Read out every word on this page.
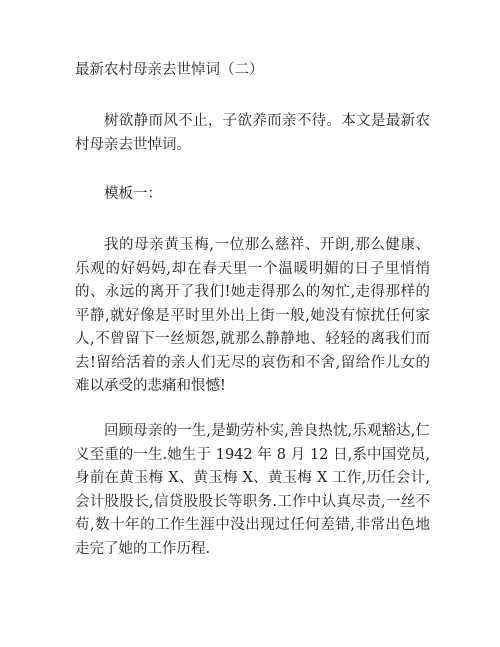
最新农村母亲去世悼词（二）

树欲静而风不止，子欲养而亲不待。本文是最新农村母亲去世悼词。

模板一：

我的母亲黄玉梅,一位那么慈祥、开朗,那么健康、乐观的好妈妈,却在春天里一个温暖明媚的日子里悄悄的、永远的离开了我们!她走得那么的匆忙,走得那样的平静,就好像是平时里外出上街一般,她没有惊扰任何家人,不曾留下一丝烦怨,就那么静静地、轻轻的离我们而去!留给活着的亲人们无尽的哀伤和不舍,留给作儿女的难以承受的悲痛和恨憾!

回顾母亲的一生,是勤劳朴实,善良热忱,乐观豁达,仁义至重的一生.她生于 1942 年 8 月 12 日,系中国党员,身前在黄玉梅 X、黄玉梅 X、黄玉梅 X 工作,历任会计,会计股股长,信贷股股长等职务.工作中认真尽责,一丝不苟,数十年的工作生涯中没出现过任何差错,非常出色地走完了她的工作历程.
